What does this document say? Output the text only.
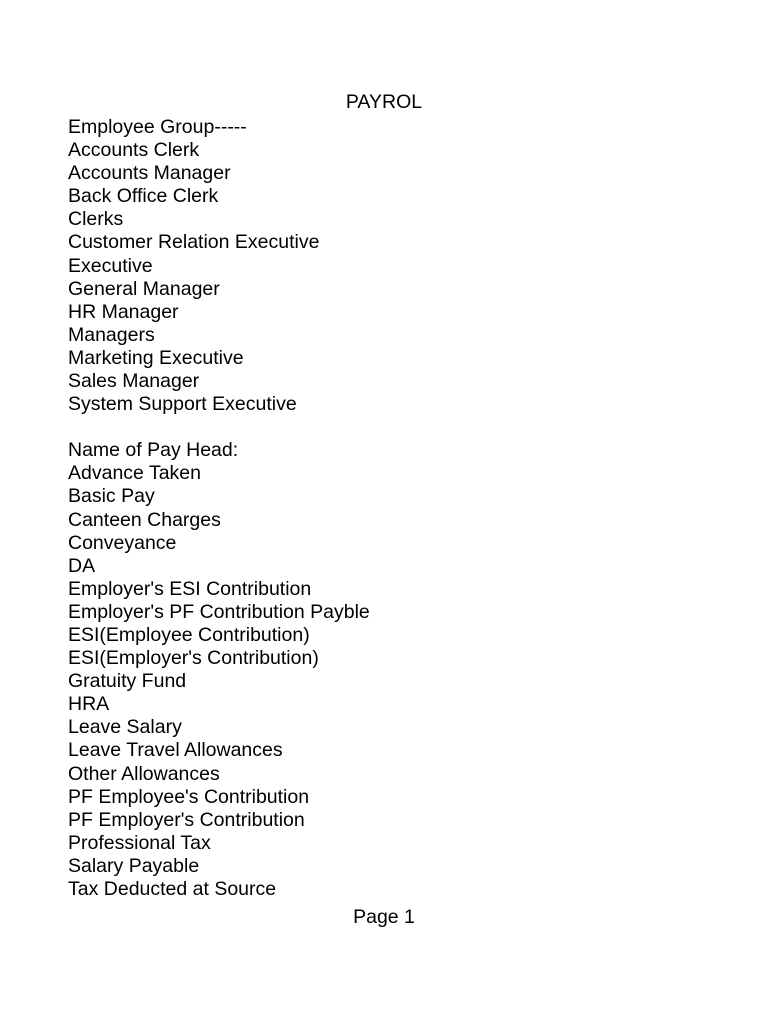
PAYROL
Employee Group-----
Accounts Clerk
Accounts Manager
Back Office Clerk
Clerks
Customer Relation Executive
Executive
General Manager
HR Manager
Managers
Marketing Executive
Sales Manager
System Support Executive
Name of Pay Head:
Advance Taken
Basic Pay
Canteen Charges
Conveyance
DA
Employer's ESI Contribution
Employer's PF Contribution Payble
ESI(Employee Contribution)
ESI(Employer's Contribution)
Gratuity Fund
HRA
Leave Salary
Leave Travel Allowances
Other Allowances
PF Employee's Contribution
PF Employer's Contribution
Professional Tax
Salary Payable
Tax Deducted at Source
Page 1
